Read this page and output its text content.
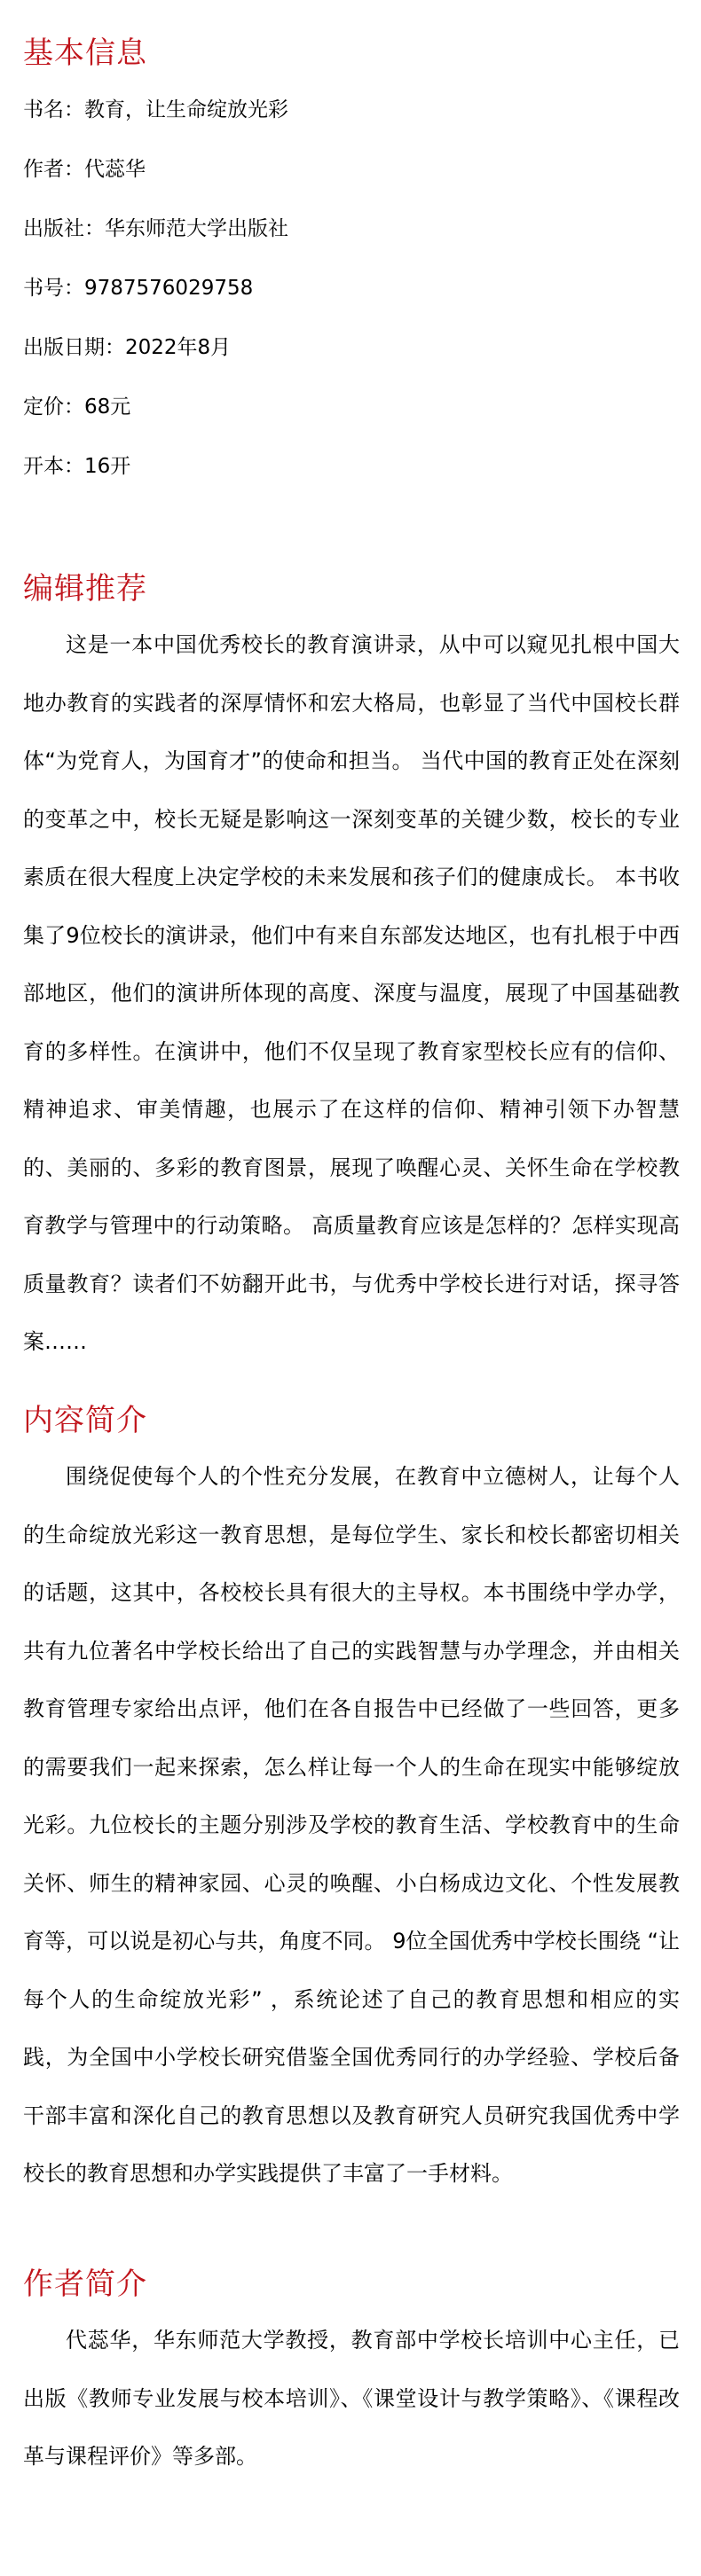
基本信息

书名：教育，让生命绽放光彩

作者：代蕊华

出版社：华东师范大学出版社

书号：9787576029758

出版日期：2022年8月

定价：68元

开本：16开

编辑推荐

这是一本中国优秀校长的教育演讲录，从中可以窥见扎根中国大地办教育的实践者的深厚情怀和宏大格局，也彰显了当代中国校长群体“为党育人，为国育才”的使命和担当。 当代中国的教育正处在深刻的变革之中，校长无疑是影响这一深刻变革的关键少数，校长的专业素质在很大程度上决定学校的未来发展和孩子们的健康成长。 本书收集了9位校长的演讲录，他们中有来自东部发达地区，也有扎根于中西部地区，他们的演讲所体现的高度、深度与温度，展现了中国基础教育的多样性。在演讲中，他们不仅呈现了教育家型校长应有的信仰、精神追求、审美情趣，也展示了在这样的信仰、精神引领下办智慧的、美丽的、多彩的教育图景，展现了唤醒心灵、关怀生命在学校教育教学与管理中的行动策略。 高质量教育应该是怎样的？怎样实现高质量教育？读者们不妨翻开此书，与优秀中学校长进行对话，探寻答案……

内容简介

围绕促使每个人的个性充分发展，在教育中立德树人，让每个人的生命绽放光彩这一教育思想，是每位学生、家长和校长都密切相关的话题，这其中，各校校长具有很大的主导权。本书围绕中学办学，共有九位著名中学校长给出了自己的实践智慧与办学理念，并由相关教育管理专家给出点评，他们在各自报告中已经做了一些回答，更多的需要我们一起来探索，怎么样让每一个人的生命在现实中能够绽放光彩。九位校长的主题分别涉及学校的教育生活、学校教育中的生命关怀、师生的精神家园、心灵的唤醒、小白杨成边文化、个性发展教育等，可以说是初心与共，角度不同。 9位全国优秀中学校长围绕 “让每个人的生命绽放光彩” ，系统论述了自己的教育思想和相应的实践，为全国中小学校长研究借鉴全国优秀同行的办学经验、学校后备干部丰富和深化自己的教育思想以及教育研究人员研究我国优秀中学校长的教育思想和办学实践提供了丰富了一手材料。

作者简介

代蕊华，华东师范大学教授，教育部中学校长培训中心主任，已出版《教师专业发展与校本培训》、《课堂设计与教学策略》、《课程改革与课程评价》等多部。
